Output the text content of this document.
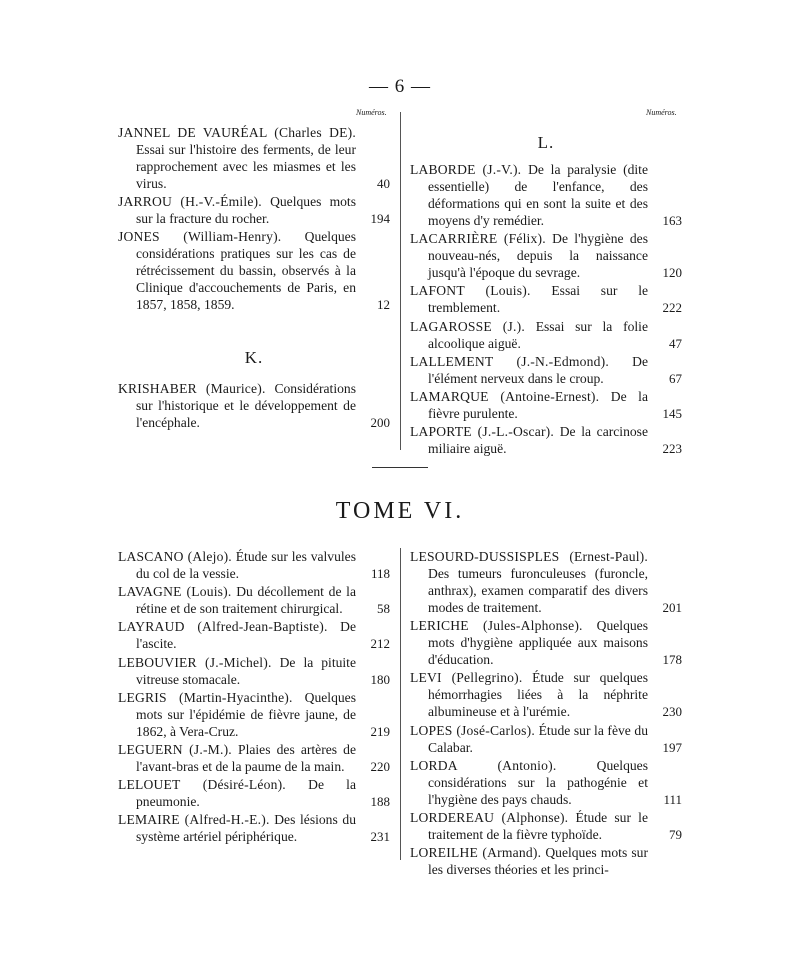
— 6 —
Numéros.	Numéros.
JANNEL DE VAURÉAL (Charles DE). Essai sur l'histoire des ferments, de leur rapprochement avec les miasmes et les virus.	40
JARROU (H.-V.-Émile). Quelques mots sur la fracture du rocher.	194
JONES (William-Henry). Quelques considérations pratiques sur les cas de rétrécissement du bassin, observés à la Clinique d'accouchements de Paris, en 1857, 1858, 1859.	12
K.
KRISHABER (Maurice). Considérations sur l'historique et le développement de l'encéphale.	200
L.
LABORDE (J.-V.). De la paralysie (dite essentielle) de l'enfance, des déformations qui en sont la suite et des moyens d'y remédier.	163
LACARRIÈRE (Félix). De l'hygiène des nouveau-nés, depuis la naissance jusqu'à l'époque du sevrage.	120
LAFONT (Louis). Essai sur le tremblement.	222
LAGAROSSE (J.). Essai sur la folie alcoolique aiguë.	47
LALLEMENT (J.-N.-Edmond). De l'élément nerveux dans le croup.	67
LAMARQUE (Antoine-Ernest). De la fièvre purulente.	145
LAPORTE (J.-L.-Oscar). De la carcinose miliaire aiguë.	223
TOME VI.
LASCANO (Alejo). Étude sur les valvules du col de la vessie.	118
LAVAGNE (Louis). Du décollement de la rétine et de son traitement chirurgical.	58
LAYRAUD (Alfred-Jean-Baptiste). De l'ascite.	212
LEBOUVIER (J.-Michel). De la pituite vitreuse stomacale.	180
LEGRIS (Martin-Hyacinthe). Quelques mots sur l'épidémie de fièvre jaune, de 1862, à Vera-Cruz.	219
LEGUERN (J.-M.). Plaies des artères de l'avant-bras et de la paume de la main. 220
LELOUET (Désiré-Léon). De la pneumonie.	188
LEMAIRE (Alfred-H.-E.). Des lésions du système artériel périphérique.	231
LESOURD-DUSSISPLES (Ernest-Paul). Des tumeurs furonculeuses (furoncle, anthrax), examen comparatif des divers modes de traitement.	201
LERICHE (Jules-Alphonse). Quelques mots d'hygiène appliquée aux maisons d'éducation.	178
LEVI (Pellegrino). Étude sur quelques hémorrhagies liées à la néphrite albumineuse et à l'urémie.	230
LOPES (José-Carlos). Étude sur la fève du Calabar.	197
LORDA (Antonio).	Quelques considérations sur la pathogénie et l'hygiène des pays chauds.	111
LORDEREAU (Alphonse). Étude sur le traitement de la fièvre typhoïde.	79
LOREILHE (Armand). Quelques mots sur les diverses théories et les princi-
